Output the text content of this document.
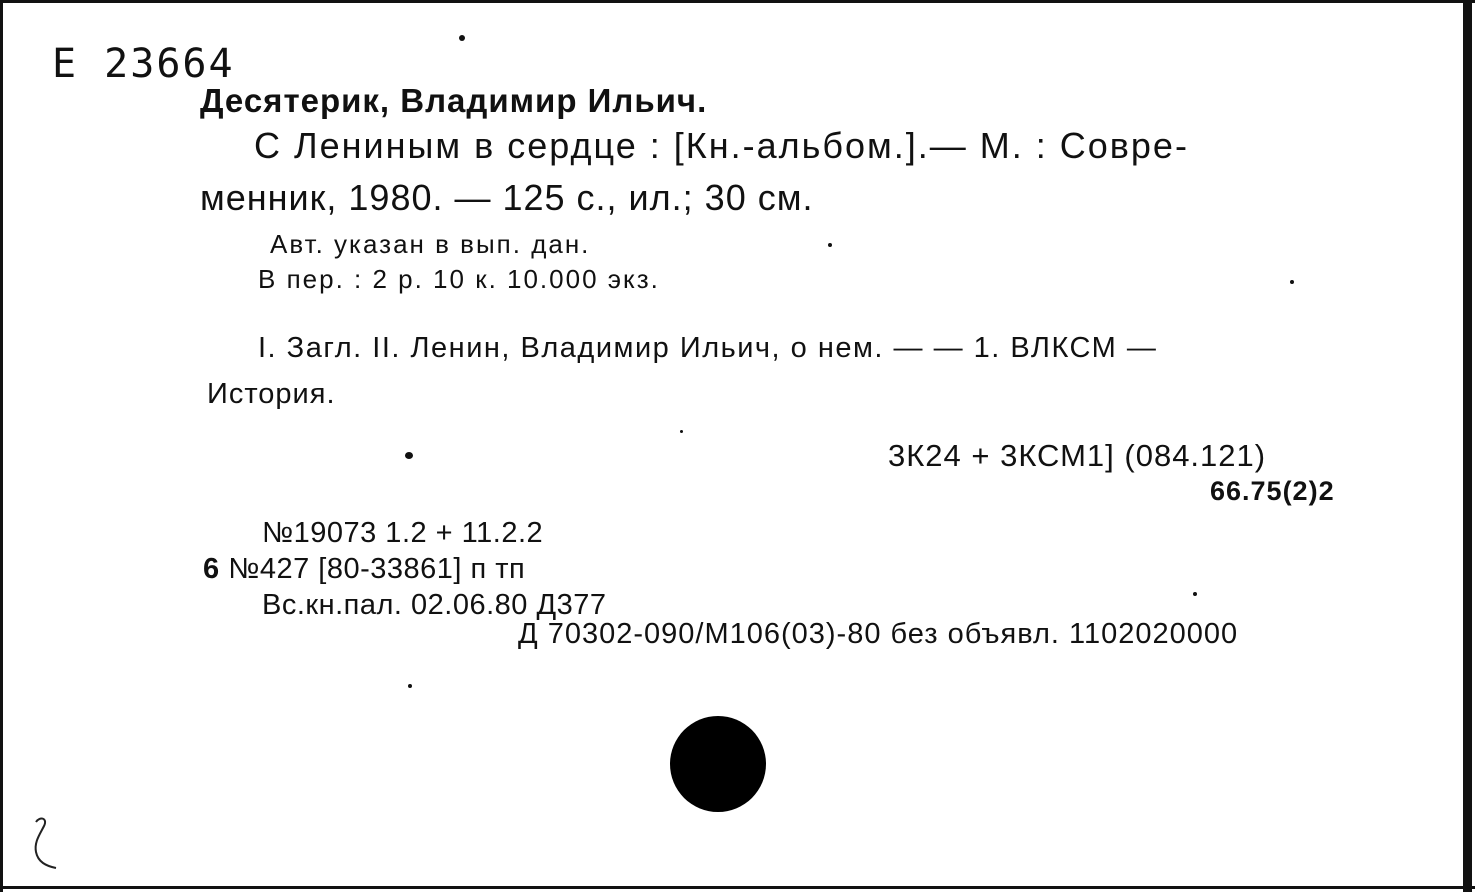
Е 23664
Десятерик, Владимир Ильич.
С Лениным в сердце : [Кн.-альбом.].— М. : Совре-
менник, 1980. — 125 с., ил.; 30 см.
Авт. указан в вып. дан.
В пер. : 2 р. 10 к. 10.000 экз.
I. Загл. II. Ленин, Владимир Ильич, о нем. — — 1. ВЛКСМ —
История.
3К24 + 3КСМ1] (084.121)
66.75(2)2
№19073 1.2 + 11.2.2
6 №427 [80-33861] п тп
Вс.кн.пал. 02.06.80 Д377
Д 70302-090/М106(03)-80 без объявл. 1102020000
